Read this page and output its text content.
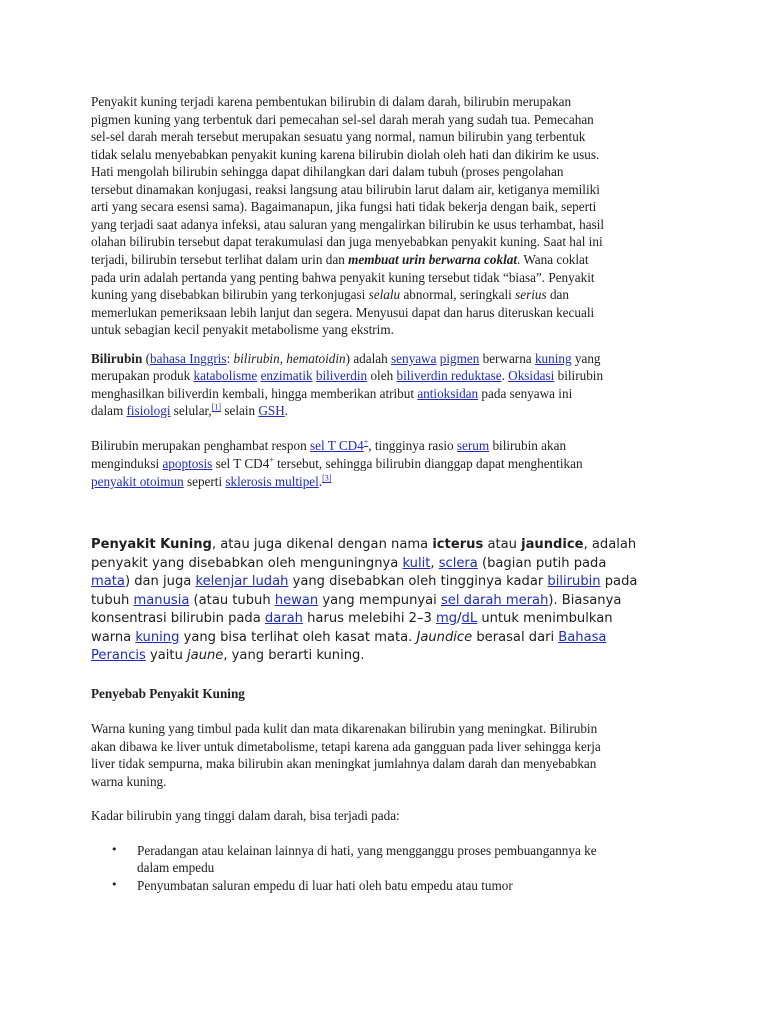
Penyakit kuning terjadi karena pembentukan bilirubin di dalam darah, bilirubin merupakan
pigmen kuning yang terbentuk dari pemecahan sel-sel darah merah yang sudah tua. Pemecahan
sel-sel darah merah tersebut merupakan sesuatu yang normal, namun bilirubin yang terbentuk
tidak selalu menyebabkan penyakit kuning karena bilirubin diolah oleh hati dan dikirim ke usus.
Hati mengolah bilirubin sehingga dapat dihilangkan dari dalam tubuh (proses pengolahan
tersebut dinamakan konjugasi, reaksi langsung atau bilirubin larut dalam air, ketiganya memiliki
arti yang secara esensi sama). Bagaimanapun, jika fungsi hati tidak bekerja dengan baik, seperti
yang terjadi saat adanya infeksi, atau saluran yang mengalirkan bilirubin ke usus terhambat, hasil
olahan bilirubin tersebut dapat terakumulasi dan juga menyebabkan penyakit kuning. Saat hal ini
terjadi, bilirubin tersebut terlihat dalam urin dan membuat urin berwarna coklat. Wana coklat
pada urin adalah pertanda yang penting bahwa penyakit kuning tersebut tidak “biasa”. Penyakit
kuning yang disebabkan bilirubin yang terkonjugasi selalu abnormal, seringkali serius dan
memerlukan pemeriksaan lebih lanjut dan segera. Menyusui dapat dan harus diteruskan kecuali
untuk sebagian kecil penyakit metabolisme yang ekstrim.
Bilirubin (bahasa Inggris: bilirubin, hematoidin) adalah senyawa pigmen berwarna kuning yang
merupakan produk katabolisme enzimatik biliverdin oleh biliverdin reduktase. Oksidasi bilirubin
menghasilkan biliverdin kembali, hingga memberikan atribut antioksidan pada senyawa ini
dalam fisiologi selular,[1] selain GSH.
Bilirubin merupakan penghambat respon sel T CD4+, tingginya rasio serum bilirubin akan
menginduksi apoptosis sel T CD4+ tersebut, sehingga bilirubin dianggap dapat menghentikan
penyakit otoimun seperti sklerosis multipel.[3]
Penyakit Kuning, atau juga dikenal dengan nama icterus atau jaundice, adalah
penyakit yang disebabkan oleh menguningnya kulit, sclera (bagian putih pada
mata) dan juga kelenjar ludah yang disebabkan oleh tingginya kadar bilirubin pada
tubuh manusia (atau tubuh hewan yang mempunyai sel darah merah). Biasanya
konsentrasi bilirubin pada darah harus melebihi 2–3 mg/dL untuk menimbulkan
warna kuning yang bisa terlihat oleh kasat mata. Jaundice berasal dari Bahasa
Perancis yaitu jaune, yang berarti kuning.
Penyebab Penyakit Kuning
Warna kuning yang timbul pada kulit dan mata dikarenakan bilirubin yang meningkat. Bilirubin
akan dibawa ke liver untuk dimetabolisme, tetapi karena ada gangguan pada liver sehingga kerja
liver tidak sempurna, maka bilirubin akan meningkat jumlahnya dalam darah dan menyebabkan
warna kuning.
Kadar bilirubin yang tinggi dalam darah, bisa terjadi pada:
• Peradangan atau kelainan lainnya di hati, yang mengganggu proses pembuangannya ke
dalam empedu
• Penyumbatan saluran empedu di luar hati oleh batu empedu atau tumor
